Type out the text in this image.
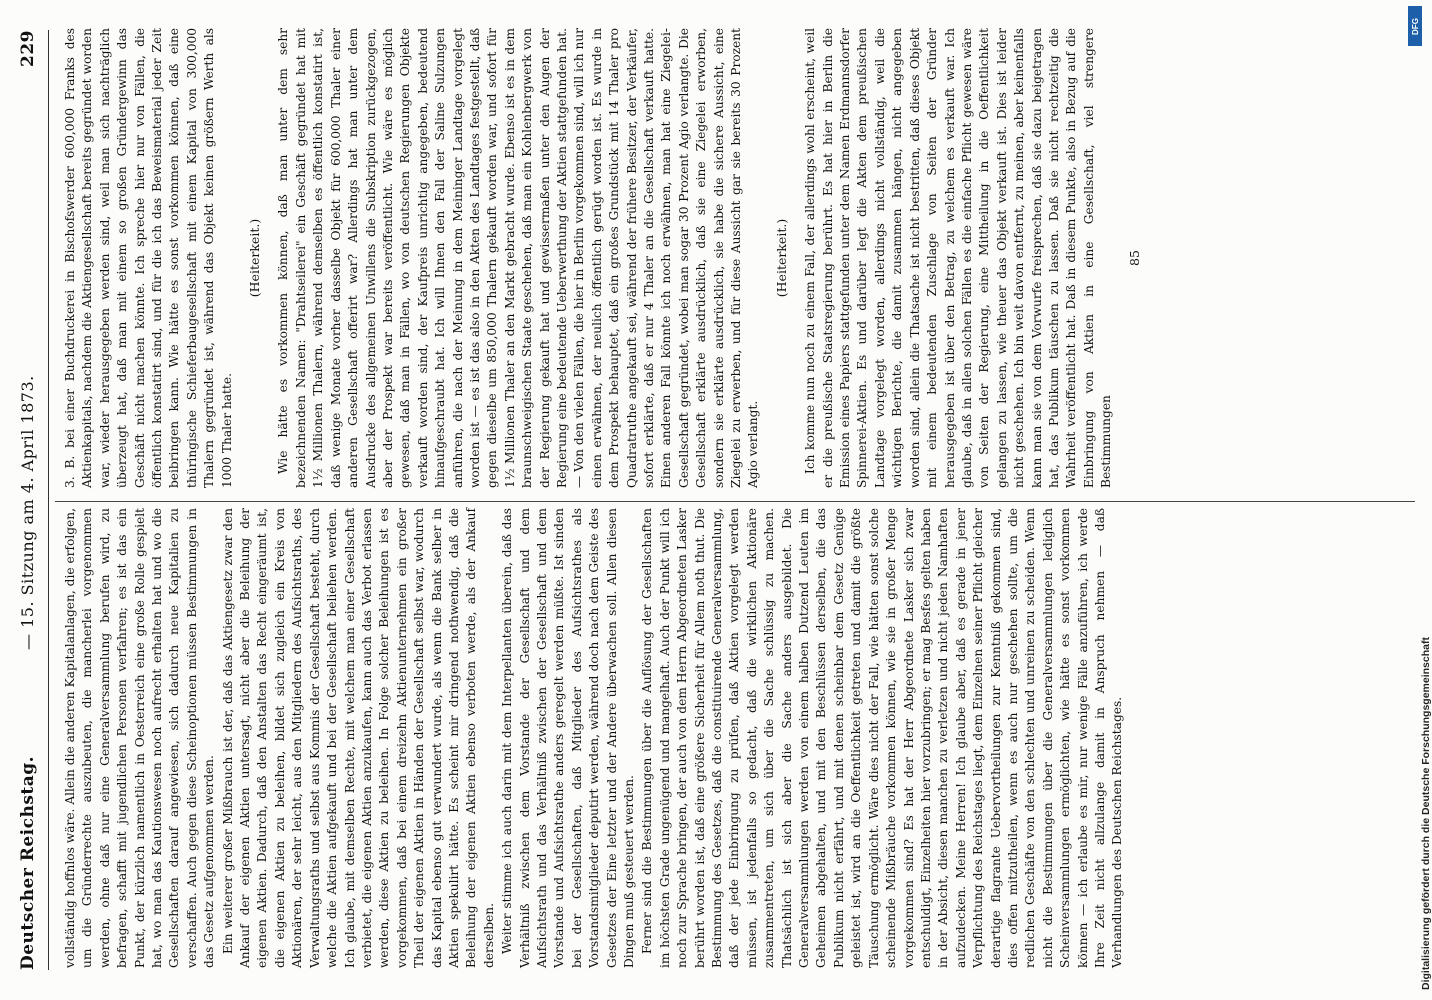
Deutscher Reichstag.
— 15. Sitzung am 4. April 1873.
229

vollständig hoffnlos wäre. Allein die anderen Kapitalanlagen, die erfolgen, um die Gründerrechte auszubeuten, die mancherlei vorgenommen werden, ohne daß nur eine Generalversammlung berufen wird, zu befragen, schafft mit jugendlichen Personen verfahren; es ist das ein Punkt, der kürzlich namentlich in Oesterreich eine große Rolle gespielt hat, wo man das Kautionswesen noch aufrecht erhalten hat und wo die Gesellschaften darauf angewiesen, sich dadurch neue Kapitalien zu verschaffen. Auch gegen diese Scheinoptionen müssen Bestimmungen in das Gesetz aufgenommen werden. Ein weiterer großer Mißbrauch ist der, daß das Aktiengesetz zwar den Ankauf der eigenen Aktien untersagt, nicht aber die Beleihung der eigenen Aktien. Dadurch, daß den Anstalten das Recht eingeräumt ist, die eigenen Aktien zu beleihen, bildet sich zugleich ein Kreis von Aktionären, der sehr leicht, aus den Mitgliedern des Aufsichtsraths, des Verwaltungsraths und selbst aus Kommis der Gesellschaft besteht, durch welche die Aktien aufgekauft und bei der Gesellschaft beliehen werden. Ich glaube, mit demselben Rechte, mit welchem man einer Gesellschaft verbietet, die eigenen Aktien anzukaufen, kann auch das Verbot erlassen werden, diese Aktien zu beleihen. In Folge solcher Beleihungen ist es vorgekommen, daß bei einem dreizehn Aktienunternehmen ein großer Theil der eigenen Aktien in Händen der Gesellschaft selbst war, wodurch das Kapital ebenso gut verwundert wurde, als wenn die Bank selber in Aktien spekulirt hätte. Es scheint mir dringend nothwendig, daß die Beleihung der eigenen Aktien ebenso verboten werde, als der Ankauf derselben. Weiter stimme ich auch darin mit dem Interpellanten überein, daß das Verhältniß zwischen dem Vorstande der Gesellschaft und dem Aufsichtsrath und das Verhältniß zwischen der Gesellschaft und dem Vorstande und Aufsichtsrathe anders geregelt werden müßte. Ist sinden bei der Gesellschaften, daß Mitglieder des Aufsichtsrathes als Vorstandsmitglieder deputirt werden, während doch nach dem Geiste des Gesetzes der Eine letzter und der Andere überwachen soll. Allen diesen Dingen muß gesteuert werden. Ferner sind die Bestimmungen über die Auflösung der Gesellschaften im höchsten Grade ungenügend und mangelhaft. Auch der Punkt will ich noch zur Sprache bringen, der auch von dem Herrn Abgeordneten Lasker berührt worden ist, daß eine größere Sicherheit für Allem noth thut. Die Bestimmung des Gesetzes, daß die constituirende Generalversammlung, daß der jede Einbringung zu prüfen, daß Aktien vorgelegt werden müssen, ist jedenfalls so gedacht, daß die wirklichen Aktionäre zusammentreten, um sich über die Sache schlüssig zu machen. Thatsächlich ist sich aber die Sache anders ausgebildet. Die Generalversammlungen werden von einem halben Dutzend Leuten im Geheimen abgehalten, und mit den Beschlüssen derselben, die das Publikum nicht erfährt, und mit denen scheinbar dem Gesetz Genüge geleistet ist, wird an die Oeffentlichkeit getreten und damit die größte Täuschung ermöglicht. Wäre dies nicht der Fall, wie hätten sonst solche scheinende Mißbräuche vorkommen können, wie sie in großer Menge vorgekommen sind? Es hat der Herr Abgeordnete Lasker sich zwar entschuldigt, Einzelheiten hier vorzubringen; er mag Besfes gelten haben in der Absicht, diesen manchen zu verletzen und nicht jeden Namhaften aufzudecken. Meine Herren! Ich glaube aber, daß es gerade in jener Verpflichtung des Reichstages liegt, dem Einzelnen seiner Pflicht gleicher derartige flagrante Uebervortheilungen zur Kenntniß gekommen sind, dies offen mitzutheilen, wenn es auch nur geschehen sollte, um die redlichen Geschäfte von den schlechten und unreinen zu scheiden. Wenn nicht die Bestimmungen über die Generalversammlungen lediglich Scheinversammlungen ermöglichten, wie hätte es sonst vorkommen können — ich erlaube es mir, nur wenige Fälle anzuführen, ich werde Ihre Zeit nicht allzulange damit in Anspruch nehmen — daß Verhandlungen des Deutschen Reichstages.

3. B. bei einer Buchdruckerei in Bischofswerder 600,000 Franks des Aktienkapitals, nachdem die Aktiengesellschaft bereits gegründet worden war, wieder herausgegeben werden sind, weil man sich nachträglich überzeugt hat, daß man mit einem so großen Gründergewinn das Geschäft nicht machen könnte. Ich spreche hier nur von Fällen, die öffentlich konstatirt sind, und für die ich das Beweismaterial jeder Zeit beibringen kann. Wie hätte es sonst vorkommen können, daß eine thüringische Schieferbaugesellschaft mit einem Kapital von 300,000 Thalern gegründet ist, während das Objekt keinen größern Werth als 1000 Thaler hatte.

(Heiterkeit.) Wie hätte es vorkommen können, daß man unter dem sehr bezeichnenden Namen: "Drahtseilerei" ein Geschäft gegründet hat mit 1½ Millionen Thalern, während demselben es öffentlich konstatirt ist, daß wenige Monate vorher dasselbe Objekt für 600,000 Thaler einer anderen Gesellschaft offerirt war? Allerdings hat man unter dem Ausdrucke des allgemeinen Unwillens die Subskription zurückgezogen, aber der Prospekt war bereits veröffentlicht. Wie wäre es möglich gewesen, daß man in Fällen, wo von deutschen Regierungen Objekte verkauft worden sind, der Kaufpreis unrichtig angegeben, bedeutend hinaufgeschraubt hat. Ich will Ihnen den Fall der Saline Sulzungen anführen, die nach der Meinung in dem Meininger Landtage vorgelegt worden ist — es ist das also in den Akten des Landtages festgestellt, daß gegen dieselbe um 850,000 Thalern gekauft worden war, und sofort für 1½ Millionen Thaler an den Markt gebracht wurde. Ebenso ist es in dem braunschweigischen Staate geschehen, daß man ein Kohlenbergwerk von der Regierung gekauft hat und gewissermaßen unter den Augen der Regierung eine bedeutende Ueberwerthung der Aktien stattgefunden hat. — Von den vielen Fällen, die hier in Berlin vorgekommen sind, will ich nur einen erwähnen, der neulich öffentlich gerügt worden ist. Es wurde in dem Prospekt behauptet, daß ein großes Grundstück mit 14 Thaler pro Quadratruthe angekauft sei, während der frühere Besitzer, der Verkäufer, sofort erklärte, daß er nur 4 Thaler an die Gesellschaft verkauft hatte. Einen anderen Fall könnte ich noch erwähnen, man hat eine Ziegelei-Gesellschaft gegründet, wobei man sogar 30 Prozent Agio verlangte. Die Gesellschaft erklärte ausdrücklich, daß sie eine Ziegelei erworben, sondern sie erklärte ausdrücklich, sie habe die sichere Aussicht, eine Ziegelei zu erwerben, und für diese Aussicht gar sie bereits 30 Prozent Agio verlangt.

(Heiterkeit.) Ich komme nun noch zu einem Fall, der allerdings wohl erscheint, weil er die preußische Staatsregierung berührt. Es hat hier in Berlin die Emission eines Papiers stattgefunden unter dem Namen Erdmannsdorfer Spinnerei-Aktien. Es und darüber legt die Akten dem preußischen Landtage vorgelegt worden, allerdings nicht vollständig, weil die wichtigen Berichte, die damit zusammen hängen, nicht angegeben worden sind, allein die Thatsache ist nicht bestritten, daß dieses Objekt mit einem bedeutenden Zuschlage von Seiten der Gründer herausgegeben ist über den Betrag, zu welchem es verkauft war. Ich glaube, daß in allen solchen Fällen es die einfache Pflicht gewesen wäre von Seiten der Regierung, eine Mittheilung in die Oeffentlichkeit gelangen zu lassen, wie theuer das Objekt verkauft ist. Dies ist leider nicht geschehen. Ich bin weit davon entfernt, zu meinen, aber keinenfalls kann man sie von dem Vorwurfe freisprechen, daß sie dazu beigetragen hat, das Publikum täuschen zu lassen. Daß sie nicht rechtzeitig die Wahrheit veröffentlicht hat. Daß in diesem Punkte, also in Bezug auf die Einbringung von Aktien in eine Gesellschaft, viel strengere Bestimmungen

85

DFG
Digitalisierung gefördert durch die Deutsche Forschungsgemeinschaft
